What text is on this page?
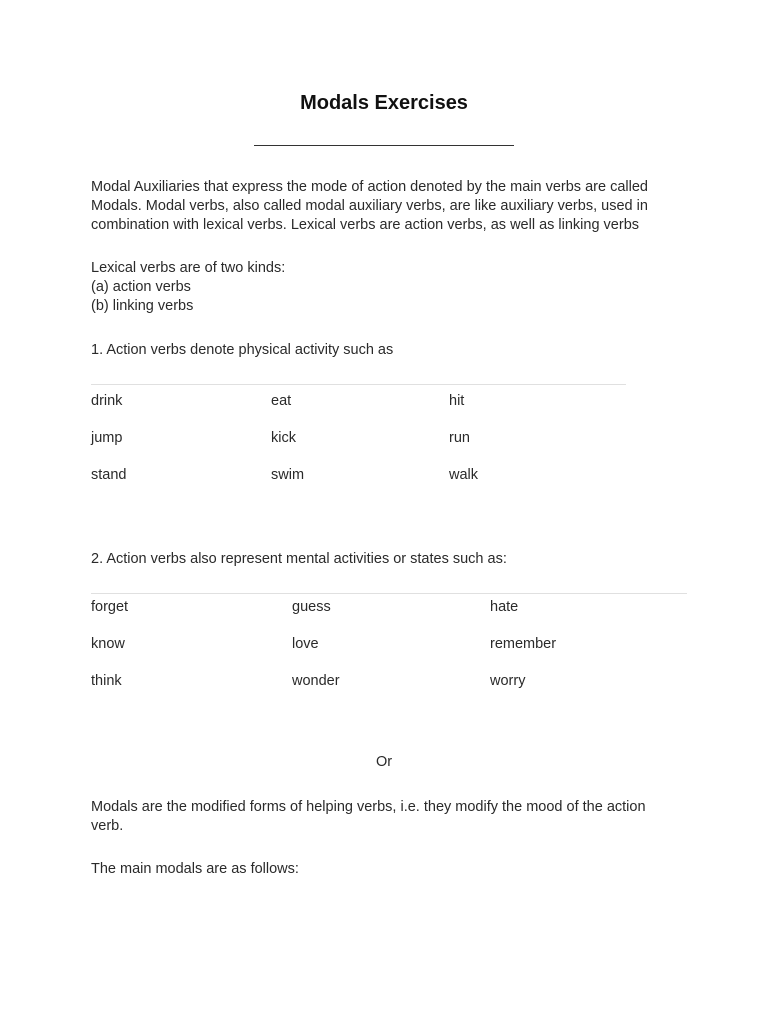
Modals Exercises

Modal Auxiliaries that express the mode of action denoted by the main verbs are called Modals. Modal verbs, also called modal auxiliary verbs, are like auxiliary verbs, used in combination with lexical verbs. Lexical verbs are action verbs, as well as linking verbs

Lexical verbs are of two kinds:
(a) action verbs
(b) linking verbs

1. Action verbs denote physical activity such as

drink	eat	hit
jump	kick	run
stand	swim	walk

2. Action verbs also represent mental activities or states such as:

forget	guess	hate
know	love	remember
think	wonder	worry

Or

Modals are the modified forms of helping verbs, i.e. they modify the mood of the action verb.

The main modals are as follows:
